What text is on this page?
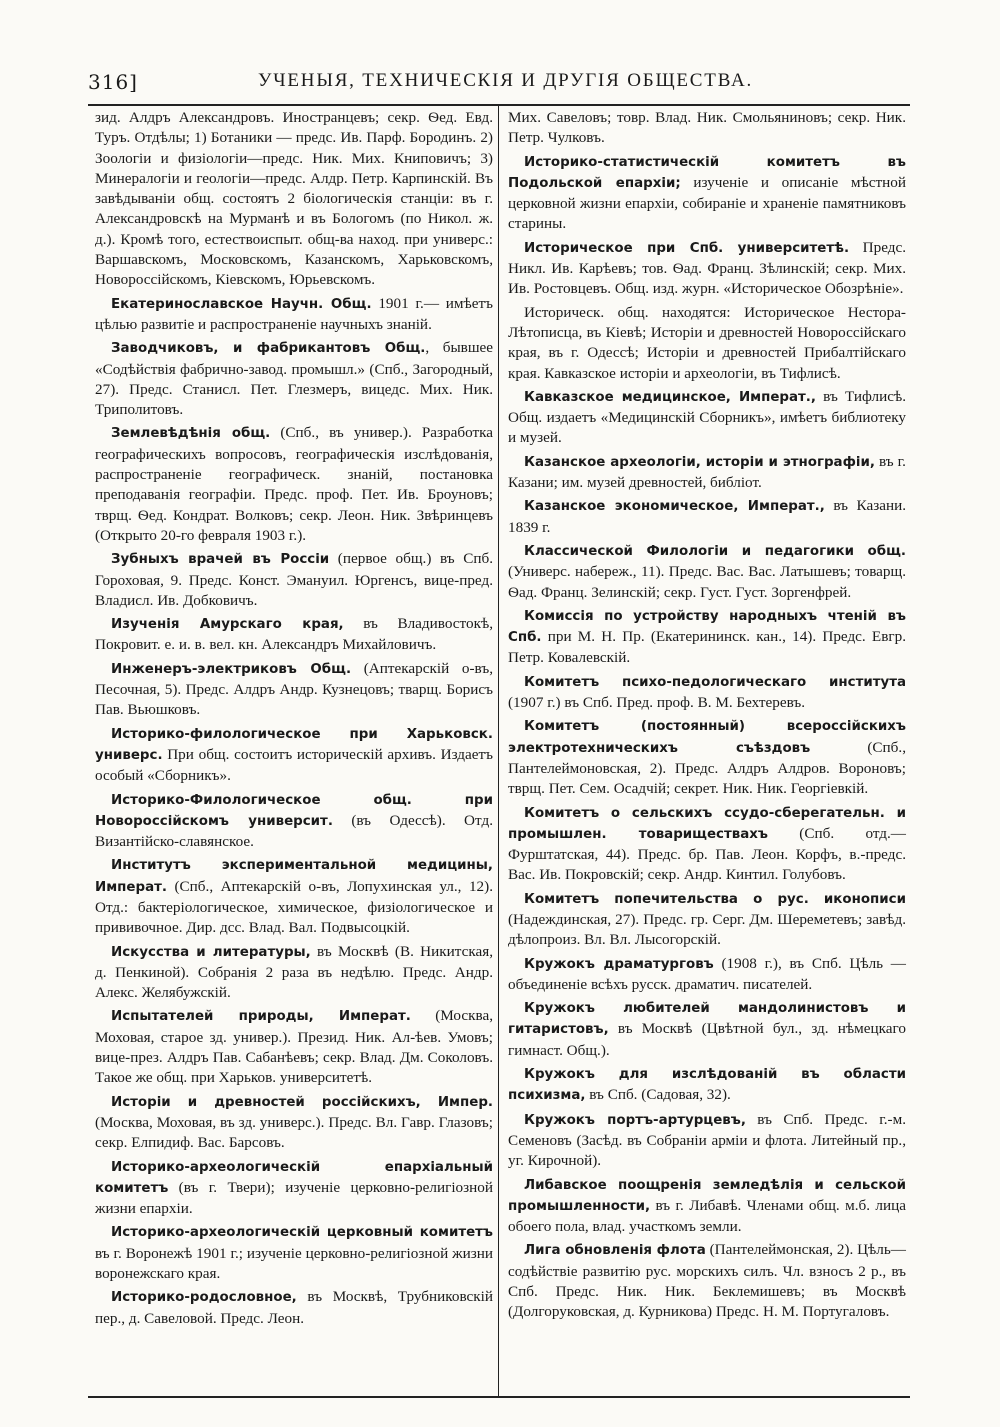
316]	УЧЕНЫЯ, ТЕХНИЧЕСКІЯ И ДРУГІЯ ОБЩЕСТВА.

зид. Алдръ Александровъ. Иностранцевъ; секр. Ѳед. Евд. Туръ. Отдѣлы; 1) Ботаники — предс. Ив. Парф. Бородинъ. 2) Зоологіи и физіологіи—предс. Ник. Мих. Книповичъ; 3) Минералогіи и геологіи—предс. Алдр. Петр. Карпинскій. Въ завѣдываніи общ. состоятъ 2 біологическія станціи: въ г. Александровскѣ на Мурманѣ и въ Бологомъ (по Никол. ж. д.). Кромѣ того, естествоиспыт. общ-ва наход. при универс.: Варшавскомъ, Московскомъ, Казанскомъ, Харьковскомъ, Новороссійскомъ, Кіевскомъ, Юрьевскомъ.

Екатеринославское Научн. Общ. 1901 г.— имѣетъ цѣлью развитіе и распространеніе научныхъ знаній.

Заводчиковъ, и фабрикантовъ Общ., бывшее «Содѣйствія фабрично-завод. промышл.» (Спб., Загородный, 27). Предс. Станисл. Пет. Глезмеръ, вицедс. Мих. Ник. Триполитовъ.

Землевѣдѣнія общ. (Спб., въ универ.). Разработка географическихъ вопросовъ, географическія изслѣдованія, распространеніе географическ. знаній, постановка преподаванія географіи. Предс. проф. Пет. Ив. Броуновъ; тврщ. Ѳед. Кондрат. Волковъ; секр. Леон. Ник. Звѣринцевъ (Открыто 20-го февраля 1903 г.).

Зубныхъ врачей въ Россіи (первое общ.) въ Спб. Гороховая, 9. Предс. Конст. Эмануил. Юргенсъ, вице-пред. Владисл. Ив. Добковичъ.

Изученія Амурскаго края, въ Владивостокѣ, Покровит. е. и. в. вел. кн. Александръ Михайловичъ.

Инженеръ-электриковъ Общ. (Аптекарскій о-въ, Песочная, 5). Предс. Алдръ Андр. Кузнецовъ; тварщ. Борисъ Пав. Вьюшковъ.

Историко-филологическое при Харьковск. универс. При общ. состоитъ историческій архивъ. Издаетъ особый «Сборникъ».

Историко-Филологическое общ. при Новороссійскомъ университ. (въ Одессѣ). Отд. Византійско-славянское.

Институтъ экспериментальной медицины, Императ. (Спб., Аптекарскій о-въ, Лопухинская ул., 12). Отд.: бактеріологическое, химическое, физіологическое и прививочное. Дир. дсс. Влад. Вал. Подвысоцкій.

Искусства и литературы, въ Москвѣ (В. Никитская, д. Пенкиной). Собранія 2 раза въ недѣлю. Предс. Андр. Алекс. Желябужскій.

Испытателей природы, Императ. (Москва, Моховая, старое зд. универ.). Презид. Ник. Ал-ѣев. Умовъ; вице-през. Алдръ Пав. Сабанѣевъ; секр. Влад. Дм. Соколовъ. Такое же общ. при Харьков. университетѣ.

Исторіи и древностей россійскихъ, Импер. (Москва, Моховая, въ зд. универс.). Предс. Вл. Гавр. Глазовъ; секр. Елпидиф. Вас. Барсовъ.

Историко-археологическій епархіальный комитетъ (въ г. Твери); изученіе церковно-религіозной жизни епархіи.

Историко-археологическій церковный комитетъ въ г. Воронежѣ 1901 г.; изученіе церковно-религіозной жизни воронежскаго края.

Историко-родословное, въ Москвѣ, Трубниковскій пер., д. Савеловой. Предс. Леон.

Мих. Савеловъ; товр. Влад. Ник. Смольяниновъ; секр. Ник. Петр. Чулковъ.

Историко-статистическій комитетъ въ Подольской епархіи; изученіе и описаніе мѣстной церковной жизни епархіи, собираніе и храненіе памятниковъ старины.

Историческое при Спб. университетѣ. Предс. Никл. Ив. Карѣевъ; тов. Ѳад. Франц. Зѣлинскій; секр. Мих. Ив. Ростовцевъ. Общ. изд. журн. «Историческое Обозрѣніе».

Историческ. общ. находятся: Историческое Нестора-Лѣтописца, въ Кіевѣ; Исторіи и древностей Новороссійскаго края, въ г. Одессѣ; Исторіи и древностей Прибалтійскаго края. Кавказское исторіи и археологіи, въ Тифлисѣ.

Кавказское медицинское, Императ., въ Тифлисѣ. Общ. издаетъ «Медицинскій Сборникъ», имѣетъ библиотеку и музей.

Казанское археологіи, исторіи и этнографіи, въ г. Казани; им. музей древностей, библіот.

Казанское экономическое, Императ., въ Казани. 1839 г.

Классической Филологіи и педагогики общ. (Универс. набереж., 11). Предс. Вас. Вас. Латышевъ; товарщ. Ѳад. Франц. Зелинскій; секр. Густ. Густ. Зоргенфрей.

Комиссія по устройству народныхъ чтеній въ Спб. при М. Н. Пр. (Екатерининск. кан., 14). Предс. Евгр. Петр. Ковалевскій.

Комитетъ психо-педологическаго института (1907 г.) въ Спб. Пред. проф. В. М. Бехтеревъ.

Комитетъ (постоянный) всероссійскихъ электротехническихъ съѣздовъ (Спб., Пантелеймоновская, 2). Предс. Алдръ Алдров. Вороновъ; тврщ. Пет. Сем. Осадчій; секрет. Ник. Ник. Георгіевкій.

Комитетъ о сельскихъ ссудо-сберегательн. и промышлен. товариществахъ (Спб. отд.— Фурштатская, 44). Предс. бр. Пав. Леон. Корфъ, в.-предс. Вас. Ив. Покровскій; секр. Андр. Кинтил. Голубовъ.

Комитетъ попечительства о рус. иконописи (Надеждинская, 27). Предс. гр. Серг. Дм. Шереметевъ; завѣд. дѣлопроиз. Вл. Вл. Лысогорскій.

Кружокъ драматурговъ (1908 г.), въ Спб. Цѣль — объединеніе всѣхъ русск. драматич. писателей.

Кружокъ любителей мандолинистовъ и гитаристовъ, въ Москвѣ (Цвѣтной бул., зд. нѣмецкаго гимнаст. Общ.).

Кружокъ для изслѣдованій въ области психизма, въ Спб. (Садовая, 32).

Кружокъ портъ-артурцевъ, въ Спб. Предс. г.-м. Семеновъ (Засѣд. въ Собраніи арміи и флота. Литейный пр., уг. Кирочной).

Либавское поощренія земледѣлія и сельской промышленности, въ г. Либавѣ. Членами общ. м.б. лица обоего пола, влад. участкомъ земли.

Лига обновленія флота (Пантелеймонская, 2). Цѣль—содѣйствіе развитію рус. морскихъ силъ. Чл. взносъ 2 р., въ Спб. Предс. Ник. Ник. Беклемишевъ; въ Москвѣ (Долгоруковская, д. Курникова) Предс. Н. М. Португаловъ.
